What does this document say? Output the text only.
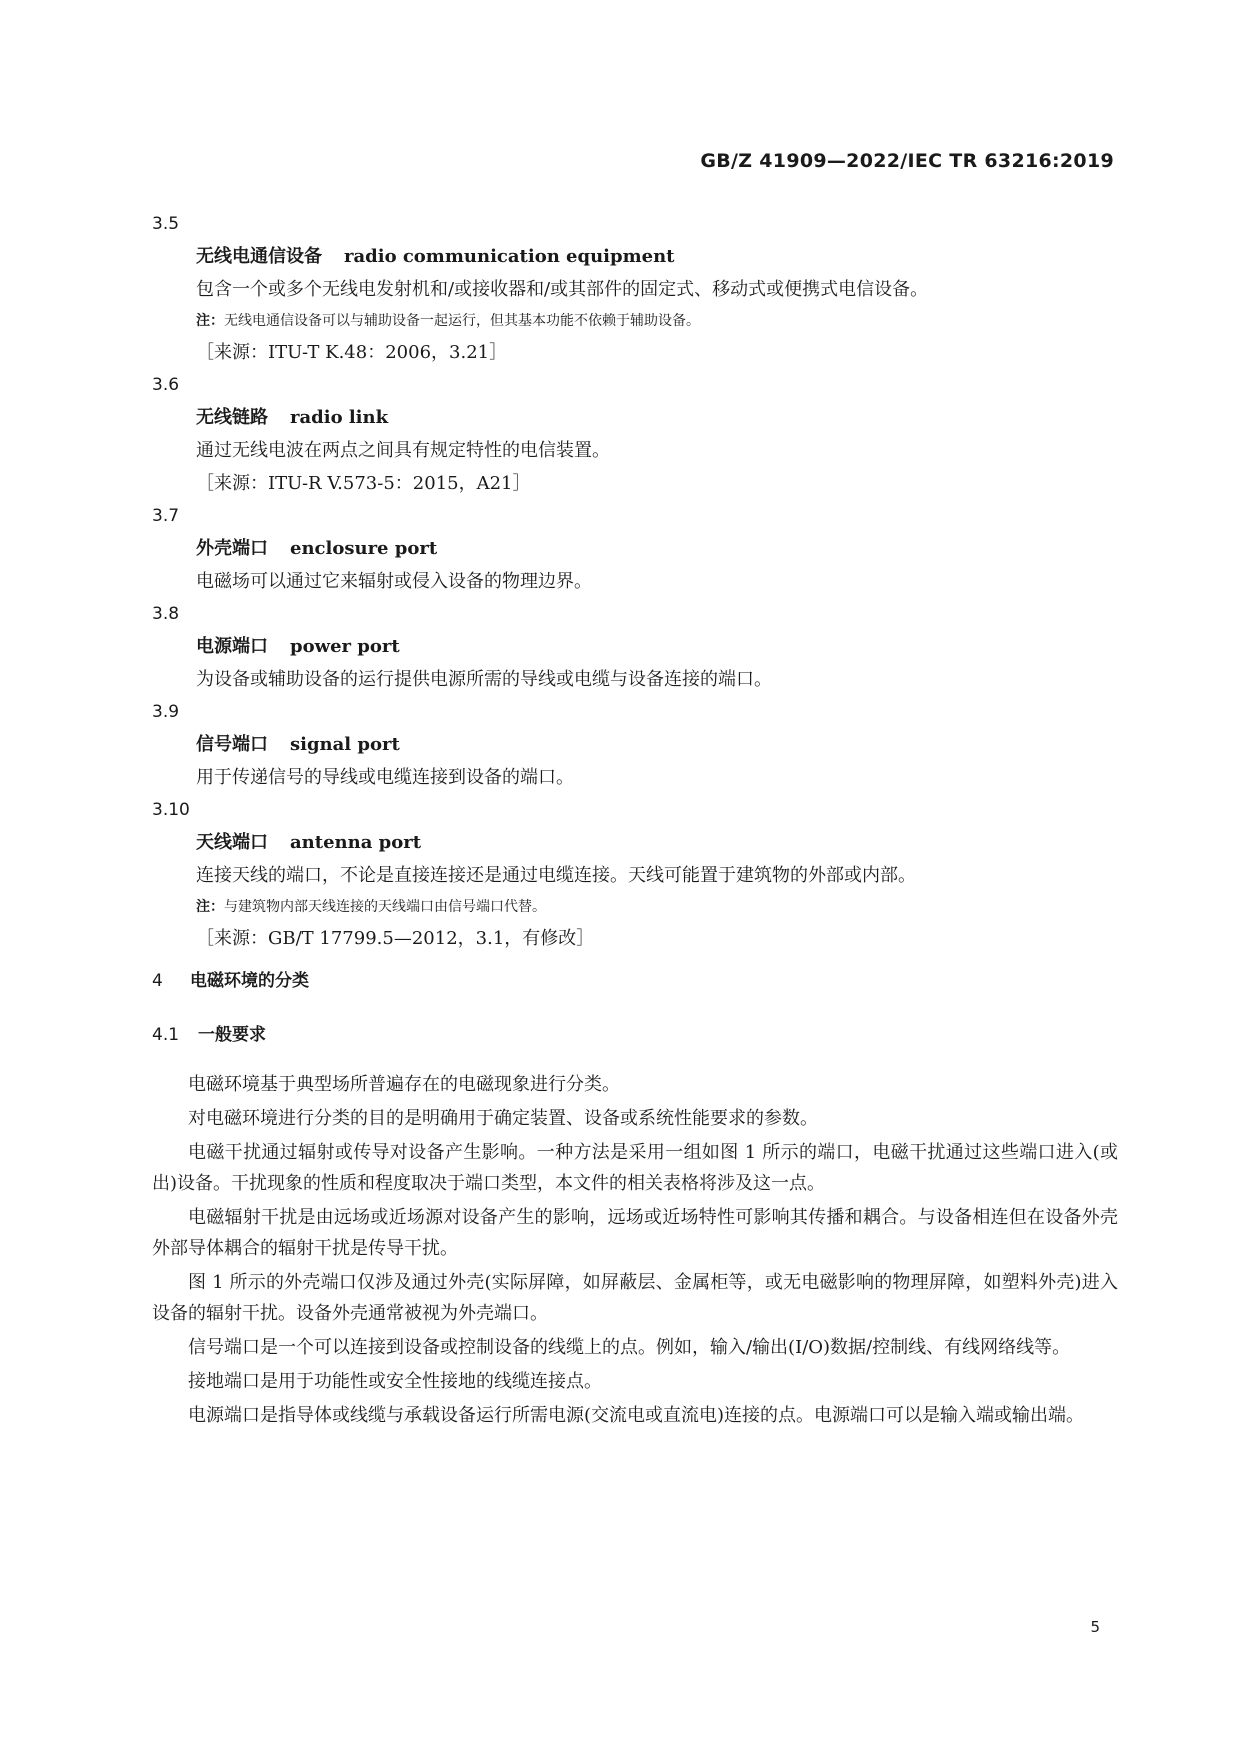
GB/Z 41909—2022/IEC TR 63216:2019
3.5
无线电通信设备 radio communication equipment
包含一个或多个无线电发射机和/或接收器和/或其部件的固定式、移动式或便携式电信设备。
注：无线电通信设备可以与辅助设备一起运行，但其基本功能不依赖于辅助设备。
［来源：ITU-T K.48：2006，3.21］
3.6
无线链路 radio link
通过无线电波在两点之间具有规定特性的电信装置。
［来源：ITU-R V.573-5：2015，A21］
3.7
外壳端口 enclosure port
电磁场可以通过它来辐射或侵入设备的物理边界。
3.8
电源端口 power port
为设备或辅助设备的运行提供电源所需的导线或电缆与设备连接的端口。
3.9
信号端口 signal port
用于传递信号的导线或电缆连接到设备的端口。
3.10
天线端口 antenna port
连接天线的端口，不论是直接连接还是通过电缆连接。天线可能置于建筑物的外部或内部。
注：与建筑物内部天线连接的天线端口由信号端口代替。
［来源：GB/T 17799.5—2012，3.1，有修改］
4 电磁环境的分类
4.1 一般要求

电磁环境基于典型场所普遍存在的电磁现象进行分类。

对电磁环境进行分类的目的是明确用于确定装置、设备或系统性能要求的参数。

电磁干扰通过辐射或传导对设备产生影响。一种方法是采用一组如图 1 所示的端口，电磁干扰通过这些端口进入(或出)设备。干扰现象的性质和程度取决于端口类型，本文件的相关表格将涉及这一点。

电磁辐射干扰是由远场或近场源对设备产生的影响，远场或近场特性可影响其传播和耦合。与设备相连但在设备外壳外部导体耦合的辐射干扰是传导干扰。

图 1 所示的外壳端口仅涉及通过外壳(实际屏障，如屏蔽层、金属柜等，或无电磁影响的物理屏障，如塑料外壳)进入设备的辐射干扰。设备外壳通常被视为外壳端口。

信号端口是一个可以连接到设备或控制设备的线缆上的点。例如，输入/输出(I/O)数据/控制线、有线网络线等。

接地端口是用于功能性或安全性接地的线缆连接点。

电源端口是指导体或线缆与承载设备运行所需电源(交流电或直流电)连接的点。电源端口可以是输入端或输出端。

5
